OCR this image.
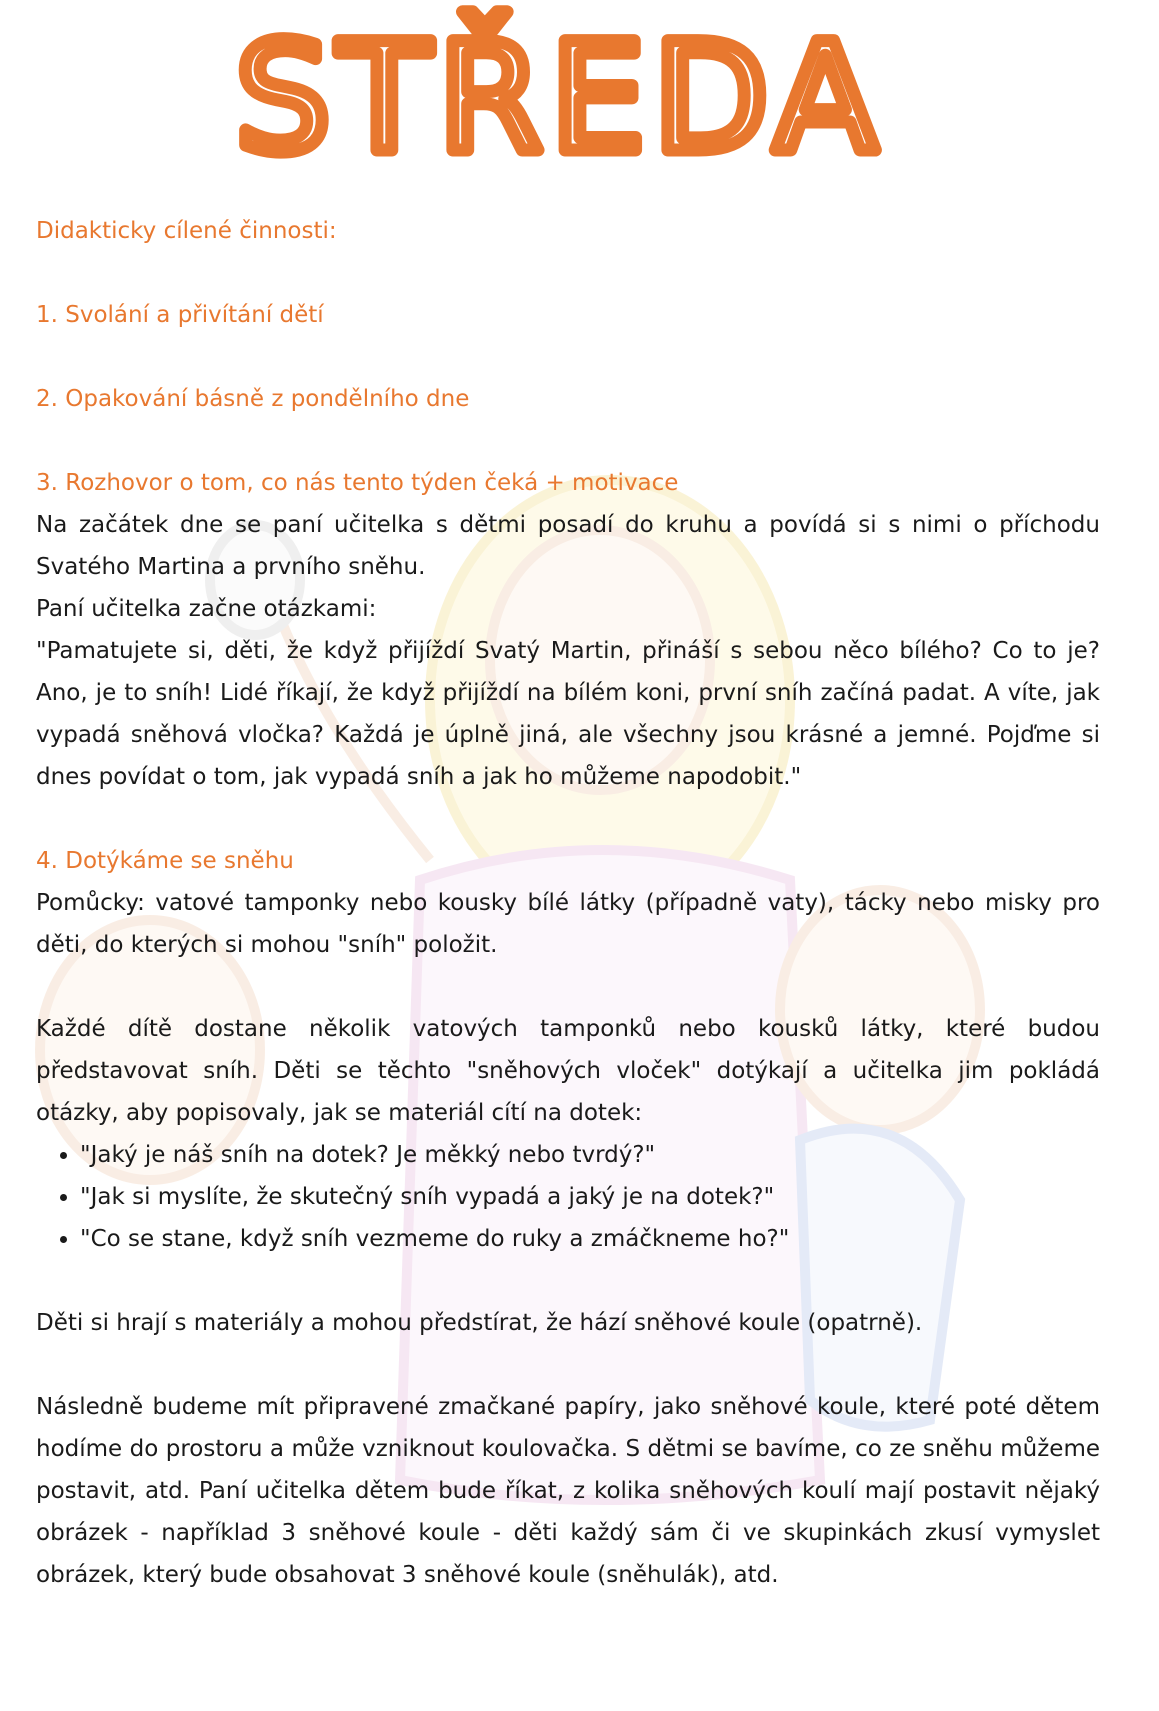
STŘEDA
Didakticky cílené činnosti:
1. Svolání a přivítání dětí
2. Opakování básně z pondělního dne
3. Rozhovor o tom, co nás tento týden čeká + motivace

Na začátek dne se paní učitelka s dětmi posadí do kruhu a povídá si s nimi o příchodu Svatého Martina a prvního sněhu.

Paní učitelka začne otázkami:

"Pamatujete si, děti, že když přijíždí Svatý Martin, přináší s sebou něco bílého? Co to je? Ano, je to sníh! Lidé říkají, že když přijíždí na bílém koni, první sníh začíná padat. A víte, jak vypadá sněhová vločka? Každá je úplně jiná, ale všechny jsou krásné a jemné. Pojďme si dnes povídat o tom, jak vypadá sníh a jak ho můžeme napodobit."

4. Dotýkáme se sněhu

Pomůcky: vatové tamponky nebo kousky bílé látky (případně vaty), tácky nebo misky pro děti, do kterých si mohou "sníh" položit.

Každé dítě dostane několik vatových tamponků nebo kousků látky, které budou představovat sníh. Děti se těchto "sněhových vloček" dotýkají a učitelka jim pokládá otázky, aby popisovaly, jak se materiál cítí na dotek:

• "Jaký je náš sníh na dotek? Je měkký nebo tvrdý?"
• "Jak si myslíte, že skutečný sníh vypadá a jaký je na dotek?"
• "Co se stane, když sníh vezmeme do ruky a zmáčkneme ho?"

Děti si hrají s materiály a mohou předstírat, že hází sněhové koule (opatrně).

Následně budeme mít připravené zmačkané papíry, jako sněhové koule, které poté dětem hodíme do prostoru a může vzniknout koulovačka. S dětmi se bavíme, co ze sněhu můžeme postavit, atd. Paní učitelka dětem bude říkat, z kolika sněhových koulí mají postavit nějaký obrázek - například 3 sněhové koule - děti každý sám či ve skupinkách zkusí vymyslet obrázek, který bude obsahovat 3 sněhové koule (sněhulák), atd.
